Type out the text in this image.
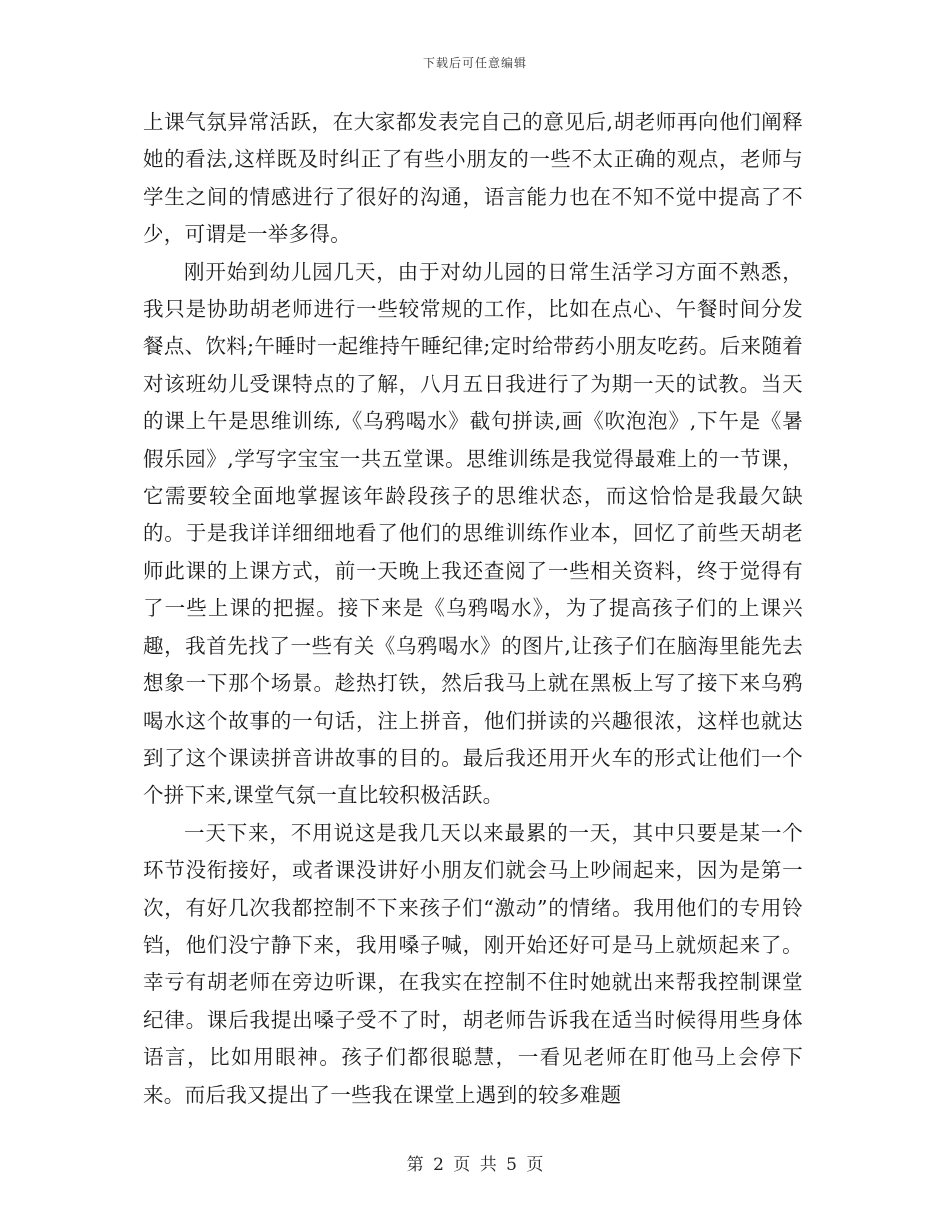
下载后可任意编辑

上课气氛异常活跃，在大家都发表完自己的意见后,胡老师再向他们阐释她的看法,这样既及时纠正了有些小朋友的一些不太正确的观点，老师与学生之间的情感进行了很好的沟通，语言能力也在不知不觉中提高了不少，可谓是一举多得。

刚开始到幼儿园几天，由于对幼儿园的日常生活学习方面不熟悉，我只是协助胡老师进行一些较常规的工作，比如在点心、午餐时间分发餐点、饮料;午睡时一起维持午睡纪律;定时给带药小朋友吃药。后来随着对该班幼儿受课特点的了解，八月五日我进行了为期一天的试教。当天的课上午是思维训练,《乌鸦喝水》截句拼读,画《吹泡泡》,下午是《暑假乐园》,学写字宝宝一共五堂课。思维训练是我觉得最难上的一节课，它需要较全面地掌握该年龄段孩子的思维状态，而这恰恰是我最欠缺的。于是我详详细细地看了他们的思维训练作业本，回忆了前些天胡老师此课的上课方式，前一天晚上我还查阅了一些相关资料，终于觉得有了一些上课的把握。接下来是《乌鸦喝水》，为了提高孩子们的上课兴趣，我首先找了一些有关《乌鸦喝水》的图片,让孩子们在脑海里能先去想象一下那个场景。趁热打铁，然后我马上就在黑板上写了接下来乌鸦喝水这个故事的一句话，注上拼音，他们拼读的兴趣很浓，这样也就达到了这个课读拼音讲故事的目的。最后我还用开火车的形式让他们一个个拼下来,课堂气氛一直比较积极活跃。

一天下来，不用说这是我几天以来最累的一天，其中只要是某一个环节没衔接好，或者课没讲好小朋友们就会马上吵闹起来，因为是第一次，有好几次我都控制不下来孩子们“激动”的情绪。我用他们的专用铃铛，他们没宁静下来，我用嗓子喊，刚开始还好可是马上就烦起来了。幸亏有胡老师在旁边听课，在我实在控制不住时她就出来帮我控制课堂纪律。课后我提出嗓子受不了时，胡老师告诉我在适当时候得用些身体语言，比如用眼神。孩子们都很聪慧，一看见老师在盯他马上会停下来。而后我又提出了一些我在课堂上遇到的较多难题

第 2 页 共 5 页
